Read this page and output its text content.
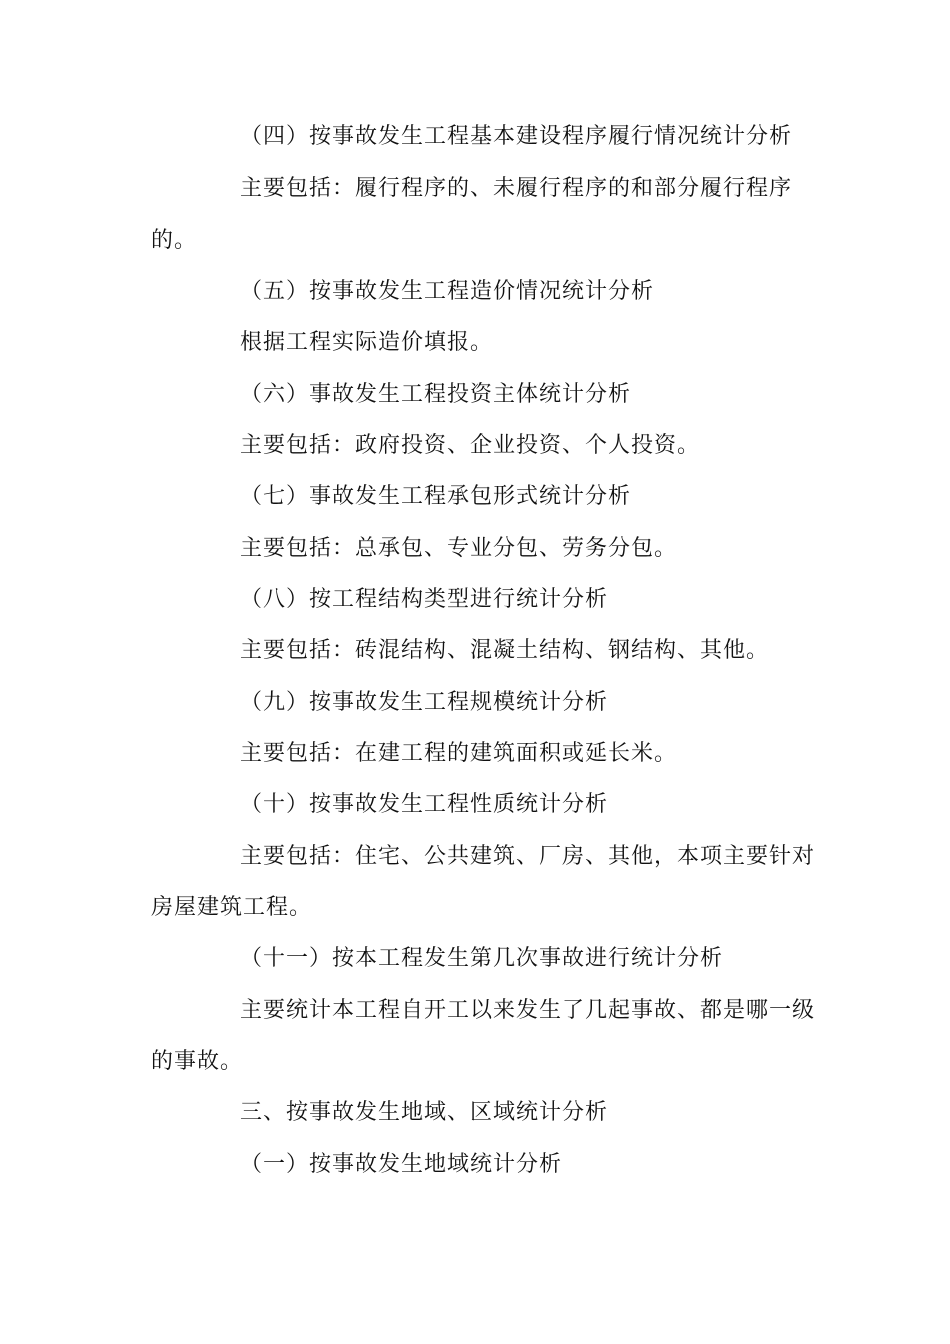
（四）按事故发生工程基本建设程序履行情况统计分析
主要包括：履行程序的、未履行程序的和部分履行程序
的。
（五）按事故发生工程造价情况统计分析
根据工程实际造价填报。
（六）事故发生工程投资主体统计分析
主要包括：政府投资、企业投资、个人投资。
（七）事故发生工程承包形式统计分析
主要包括：总承包、专业分包、劳务分包。
（八）按工程结构类型进行统计分析
主要包括：砖混结构、混凝土结构、钢结构、其他。
（九）按事故发生工程规模统计分析
主要包括：在建工程的建筑面积或延长米。
（十）按事故发生工程性质统计分析
主要包括：住宅、公共建筑、厂房、其他，本项主要针对
房屋建筑工程。
（十一）按本工程发生第几次事故进行统计分析
主要统计本工程自开工以来发生了几起事故、都是哪一级
的事故。
三、按事故发生地域、区域统计分析
（一）按事故发生地域统计分析
